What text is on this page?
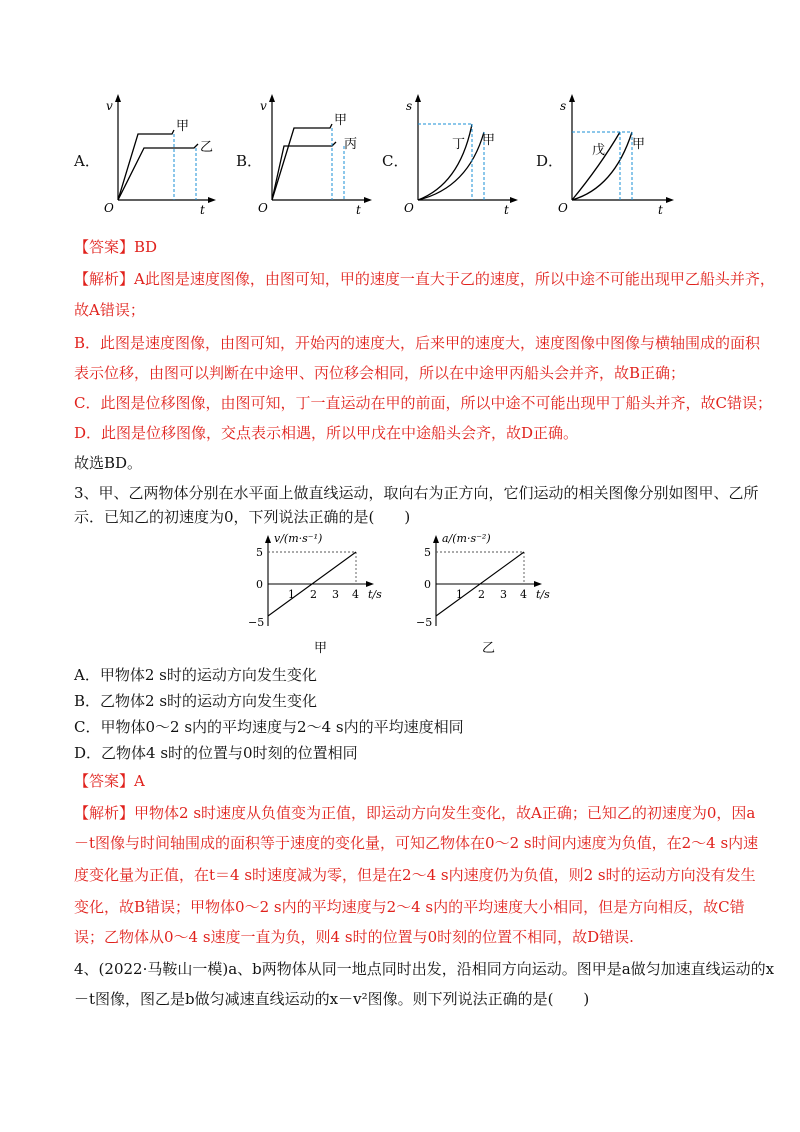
A．
v
O	t
甲
乙
B．
v
O	t
甲
丙
C．
s
O	t
丁 甲
D．
s
O	t
戊 甲
【答案】BD
【解析】A此图是速度图像，由图可知，甲的速度一直大于乙的速度，所以中途不可能出现甲乙船头并齐，
故A错误；
B．此图是速度图像，由图可知，开始丙的速度大，后来甲的速度大，速度图像中图像与横轴围成的面积
表示位移，由图可以判断在中途甲、丙位移会相同，所以在中途甲丙船头会并齐，故B正确；
C．此图是位移图像，由图可知，丁一直运动在甲的前面，所以中途不可能出现甲丁船头并齐，故C错误；
D．此图是位移图像，交点表示相遇，所以甲戊在中途船头会齐，故D正确。
故选BD。
3、甲、乙两物体分别在水平面上做直线运动，取向右为正方向，它们运动的相关图像分别如图甲、乙所
示．已知乙的初速度为0，下列说法正确的是(　　)
v/(m·s⁻¹)
t/s
5
0
−5
1 2 3 4
甲
a/(m·s⁻²)
t/s
5
0
−5
1 2 3 4
乙
A．甲物体2 s时的运动方向发生变化
B．乙物体2 s时的运动方向发生变化
C．甲物体0～2 s内的平均速度与2～4 s内的平均速度相同
D．乙物体4 s时的位置与0时刻的位置相同
【答案】A
【解析】甲物体2 s时速度从负值变为正值，即运动方向发生变化，故A正确；已知乙的初速度为0，因a
－t图像与时间轴围成的面积等于速度的变化量，可知乙物体在0～2 s时间内速度为负值，在2～4 s内速
度变化量为正值，在t＝4 s时速度减为零，但是在2～4 s内速度仍为负值，则2 s时的运动方向没有发生
变化，故B错误；甲物体0～2 s内的平均速度与2～4 s内的平均速度大小相同，但是方向相反，故C错
误；乙物体从0～4 s速度一直为负，则4 s时的位置与0时刻的位置不相同，故D错误.
4、(2022·马鞍山一模)a、b两物体从同一地点同时出发，沿相同方向运动。图甲是a做匀加速直线运动的x
－t图像，图乙是b做匀减速直线运动的x－v²图像。则下列说法正确的是(　　)
